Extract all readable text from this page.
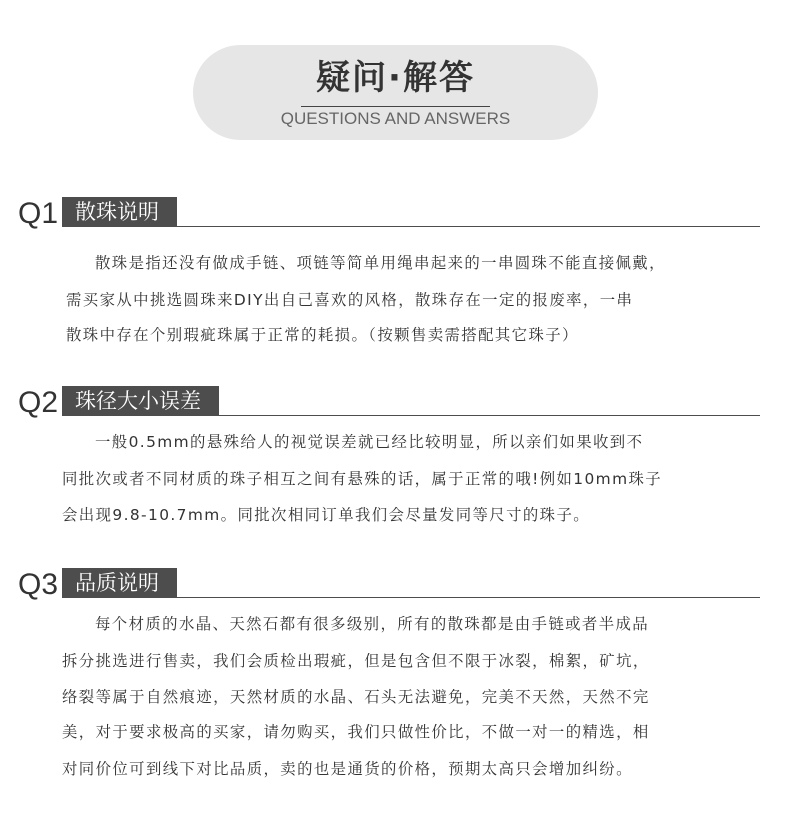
疑问·解答
QUESTIONS AND ANSWERS
Q1 散珠说明
散珠是指还没有做成手链、项链等简单用绳串起来的一串圆珠不能直接佩戴，
需买家从中挑选圆珠来DIY出自己喜欢的风格，散珠存在一定的报废率，一串
散珠中存在个别瑕疵珠属于正常的耗损。（按颗售卖需搭配其它珠子）
Q2 珠径大小误差
一般0.5mm的悬殊给人的视觉误差就已经比较明显，所以亲们如果收到不
同批次或者不同材质的珠子相互之间有悬殊的话，属于正常的哦!例如10mm珠子
会出现9.8-10.7mm。同批次相同订单我们会尽量发同等尺寸的珠子。
Q3 品质说明
每个材质的水晶、天然石都有很多级别，所有的散珠都是由手链或者半成品
拆分挑选进行售卖，我们会质检出瑕疵，但是包含但不限于冰裂，棉絮，矿坑，
络裂等属于自然痕迹，天然材质的水晶、石头无法避免，完美不天然，天然不完
美，对于要求极高的买家，请勿购买，我们只做性价比，不做一对一的精选，相
对同价位可到线下对比品质，卖的也是通货的价格，预期太高只会增加纠纷。
